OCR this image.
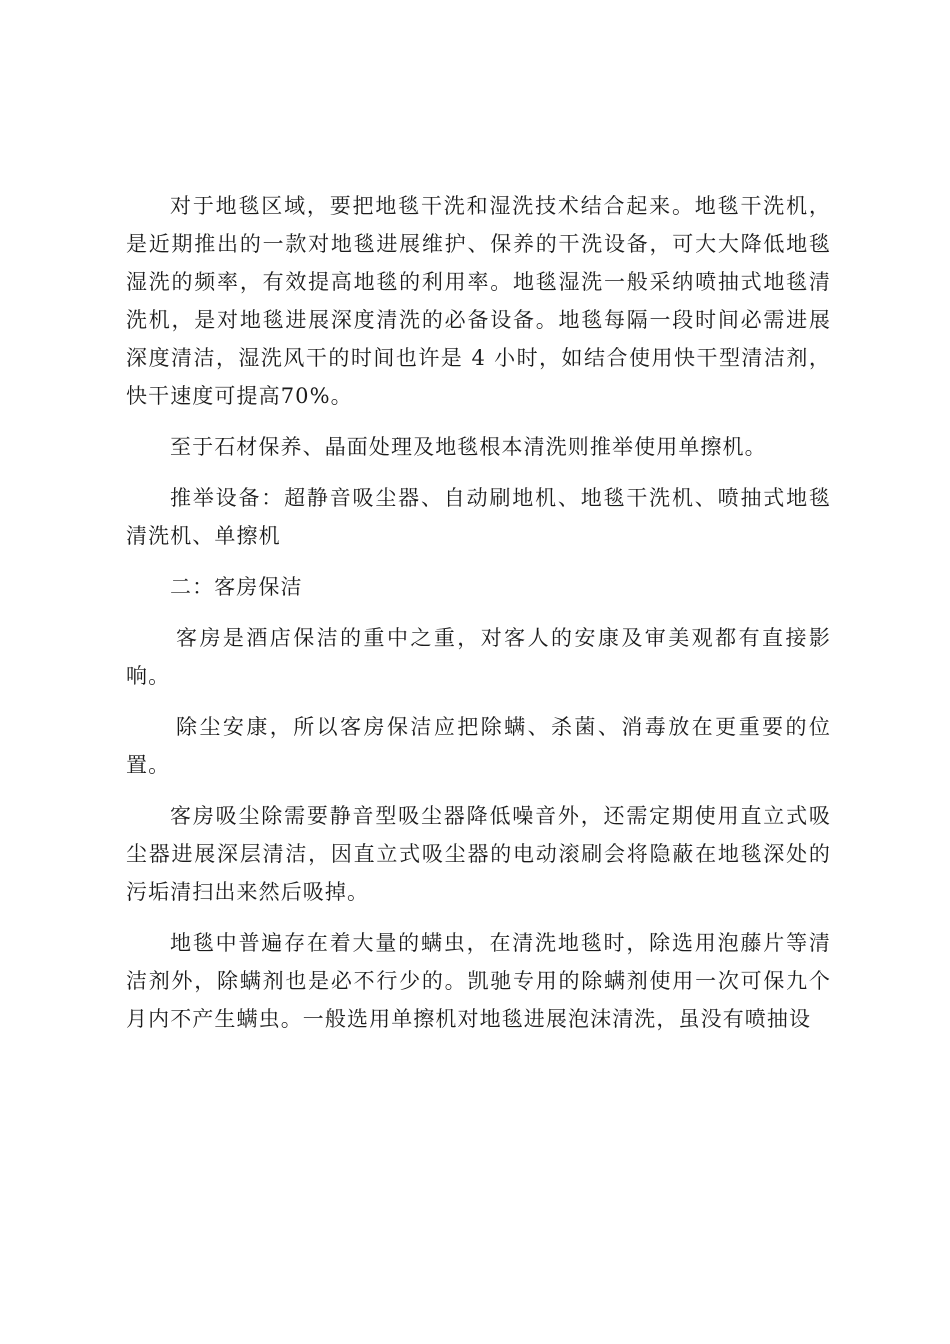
对于地毯区域，要把地毯干洗和湿洗技术结合起来。地毯干洗机，是近期推出的一款对地毯进展维护、保养的干洗设备，可大大降低地毯湿洗的频率，有效提高地毯的利用率。地毯湿洗一般采纳喷抽式地毯清洗机，是对地毯进展深度清洗的必备设备。地毯每隔一段时间必需进展深度清洁，湿洗风干的时间也许是 4 小时，如结合使用快干型清洁剂，快干速度可提高70%。

至于石材保养、晶面处理及地毯根本清洗则推举使用单擦机。

推举设备：超静音吸尘器、自动刷地机、地毯干洗机、喷抽式地毯清洗机、单擦机

二：客房保洁

客房是酒店保洁的重中之重，对客人的安康及审美观都有直接影响。

除尘安康，所以客房保洁应把除螨、杀菌、消毒放在更重要的位置。

客房吸尘除需要静音型吸尘器降低噪音外，还需定期使用直立式吸尘器进展深层清洁，因直立式吸尘器的电动滚刷会将隐蔽在地毯深处的污垢清扫出来然后吸掉。

地毯中普遍存在着大量的螨虫，在清洗地毯时，除选用泡藤片等清洁剂外，除螨剂也是必不行少的。凯驰专用的除螨剂使用一次可保九个月内不产生螨虫。一般选用单擦机对地毯进展泡沫清洗，虽没有喷抽设
